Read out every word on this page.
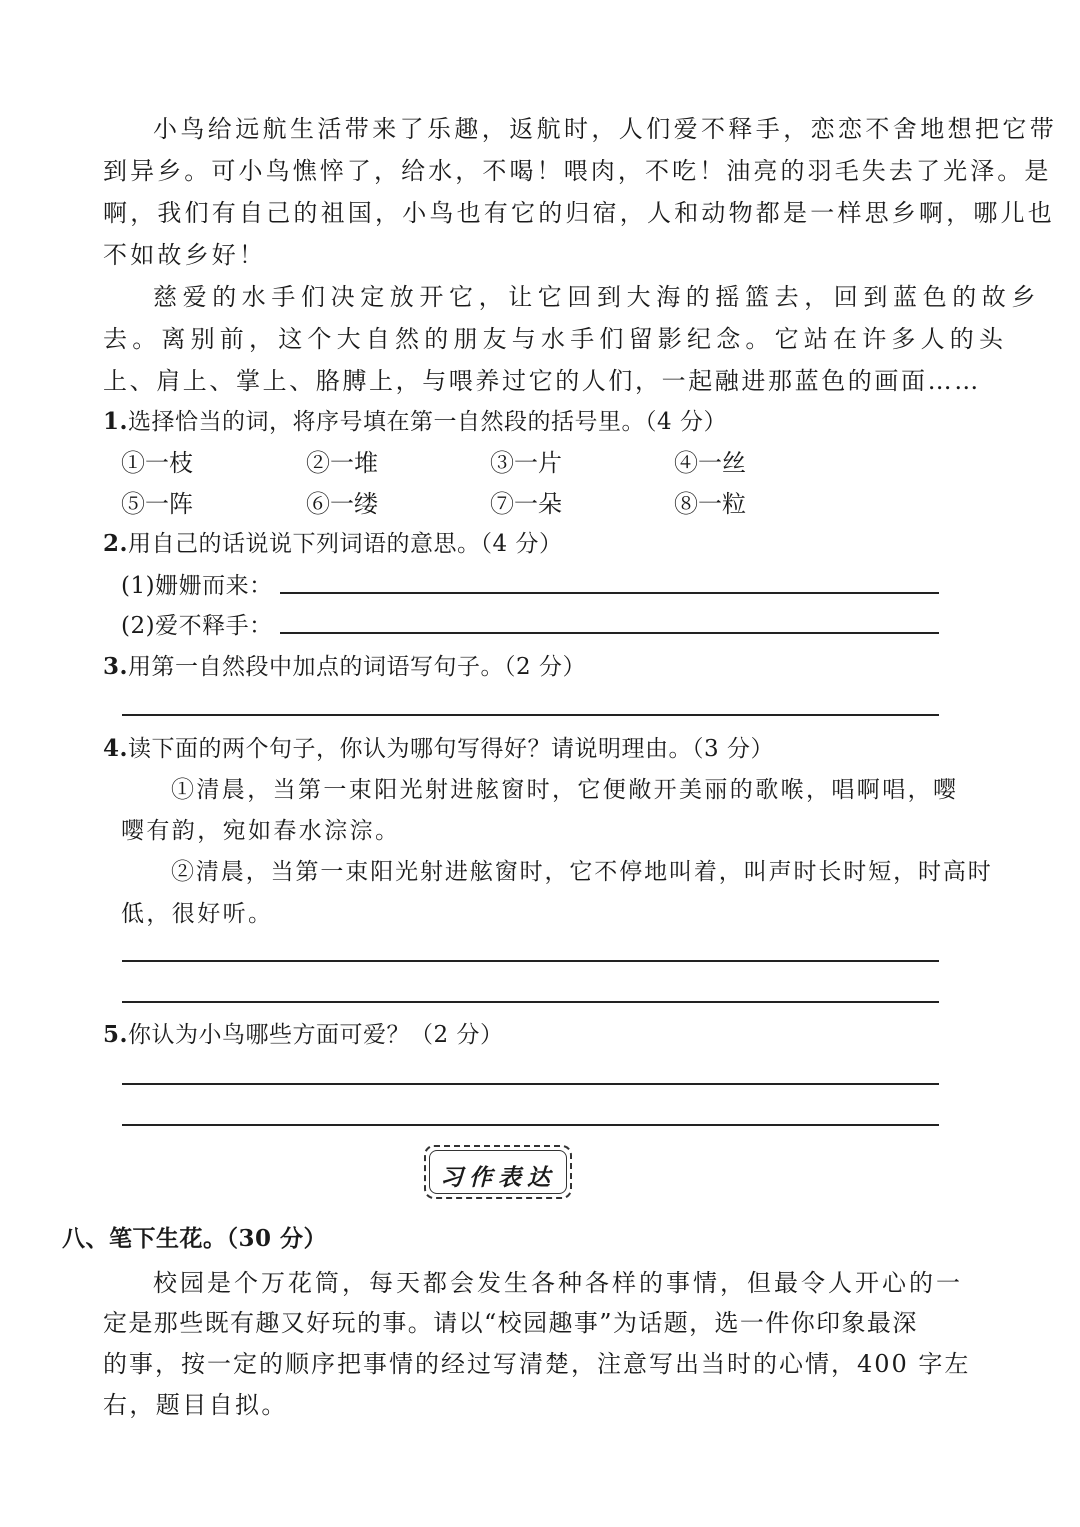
小鸟给远航生活带来了乐趣，返航时，人们爱不释手，恋恋不舍地想把它带
到异乡。可小鸟憔悴了，给水，不喝！喂肉，不吃！油亮的羽毛失去了光泽。是
啊，我们有自己的祖国，小鸟也有它的归宿，人和动物都是一样思乡啊，哪儿也
不如故乡好！
慈爱的水手们决定放开它，让它回到大海的摇篮去，回到蓝色的故乡
去。离别前，这个大自然的朋友与水手们留影纪念。它站在许多人的头
上、肩上、掌上、胳膊上，与喂养过它的人们，一起融进那蓝色的画面……
1.选择恰当的词，将序号填在第一自然段的括号里。（4 分）
①一枝	②一堆	③一片	④一丝
⑤一阵	⑥一缕	⑦一朵	⑧一粒
2.用自己的话说说下列词语的意思。（4 分）
(1)姗姗而来：
(2)爱不释手：
3.用第一自然段中加点的词语写句子。（2 分）
4.读下面的两个句子，你认为哪句写得好？请说明理由。（3 分）
①清晨，当第一束阳光射进舷窗时，它便敞开美丽的歌喉，唱啊唱，嘤
嘤有韵，宛如春水淙淙。
②清晨，当第一束阳光射进舷窗时，它不停地叫着，叫声时长时短，时高时
低，很好听。
5.你认为小鸟哪些方面可爱？（2 分）
习作表达
八、笔下生花。（30 分）
校园是个万花筒，每天都会发生各种各样的事情，但最令人开心的一
定是那些既有趣又好玩的事。请以“校园趣事”为话题，选一件你印象最深
的事，按一定的顺序把事情的经过写清楚，注意写出当时的心情，400 字左
右，题目自拟。
